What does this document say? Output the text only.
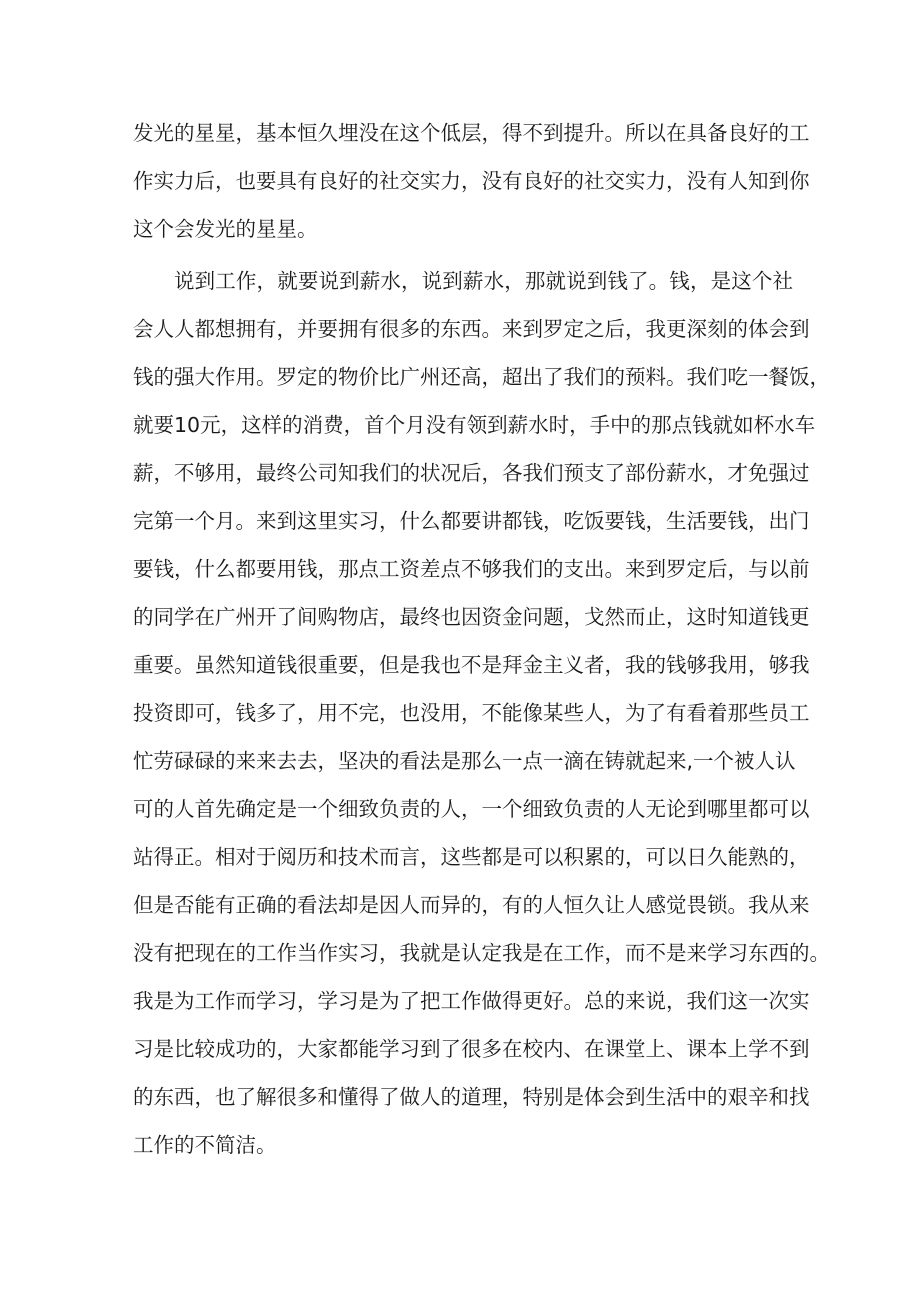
发光的星星，基本恒久埋没在这个低层，得不到提升。所以在具备良好的工
作实力后，也要具有良好的社交实力，没有良好的社交实力，没有人知到你
这个会发光的星星。
说到工作，就要说到薪水，说到薪水，那就说到钱了。钱，是这个社
会人人都想拥有，并要拥有很多的东西。来到罗定之后，我更深刻的体会到
钱的强大作用。罗定的物价比广州还高，超出了我们的预料。我们吃一餐饭，
就要10元，这样的消费，首个月没有领到薪水时，手中的那点钱就如杯水车
薪，不够用，最终公司知我们的状况后，各我们预支了部份薪水，才免强过
完第一个月。来到这里实习，什么都要讲都钱，吃饭要钱，生活要钱，出门
要钱，什么都要用钱，那点工资差点不够我们的支出。来到罗定后，与以前
的同学在广州开了间购物店，最终也因资金问题，戈然而止，这时知道钱更
重要。虽然知道钱很重要，但是我也不是拜金主义者，我的钱够我用，够我
投资即可，钱多了，用不完，也没用，不能像某些人，为了有看着那些员工
忙劳碌碌的来来去去，坚决的看法是那么一点一滴在铸就起来,一个被人认
可的人首先确定是一个细致负责的人，一个细致负责的人无论到哪里都可以
站得正。相对于阅历和技术而言，这些都是可以积累的，可以日久能熟的，
但是否能有正确的看法却是因人而异的，有的人恒久让人感觉畏锁。我从来
没有把现在的工作当作实习，我就是认定我是在工作，而不是来学习东西的。
我是为工作而学习，学习是为了把工作做得更好。总的来说，我们这一次实
习是比较成功的，大家都能学习到了很多在校内、在课堂上、课本上学不到
的东西，也了解很多和懂得了做人的道理，特别是体会到生活中的艰辛和找
工作的不简洁。
